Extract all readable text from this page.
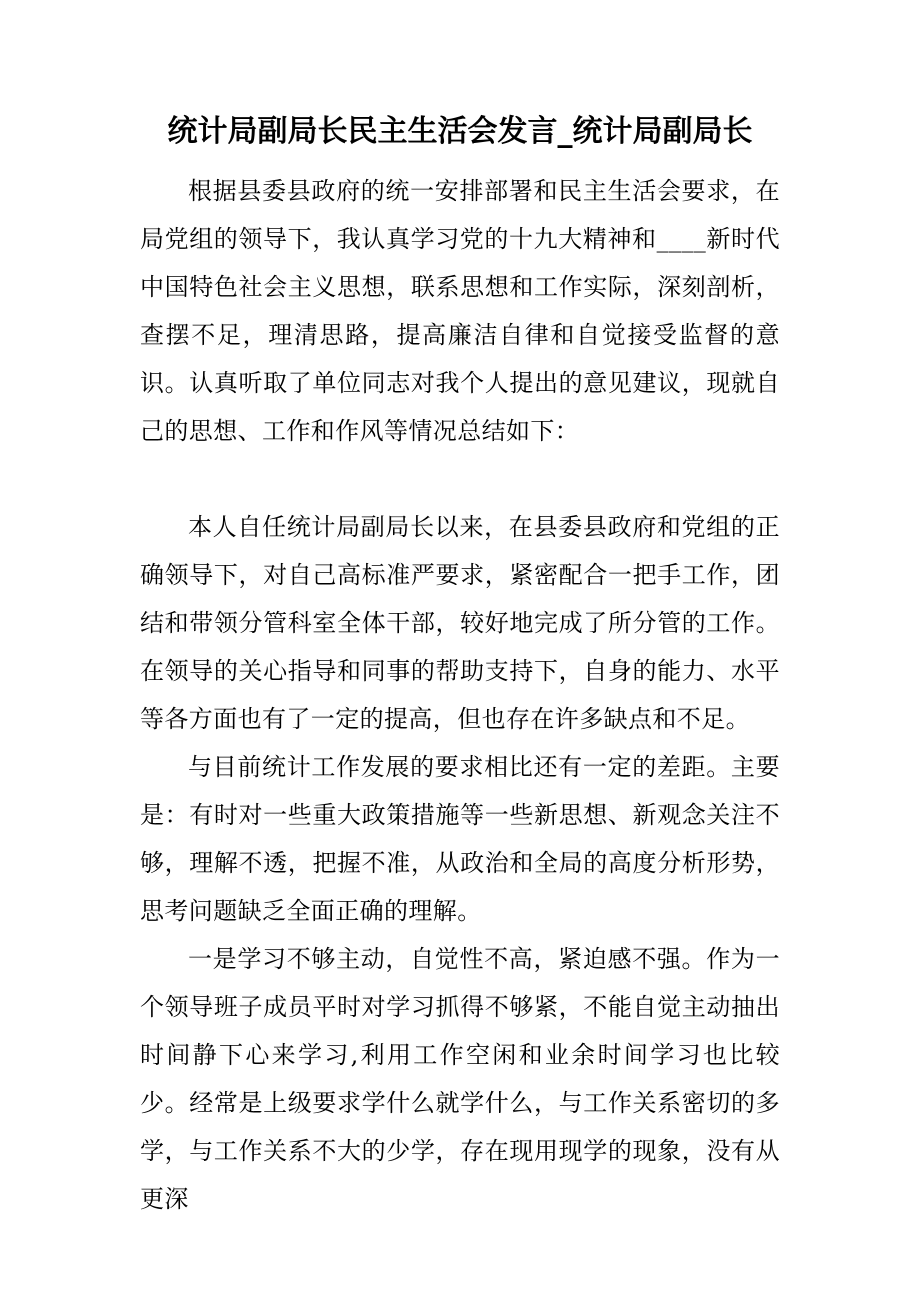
统计局副局长民主生活会发言_统计局副局长

根据县委县政府的统一安排部署和民主生活会要求，在局党组的领导下，我认真学习党的十九大精神和____新时代中国特色社会主义思想，联系思想和工作实际，深刻剖析，查摆不足，理清思路，提高廉洁自律和自觉接受监督的意识。认真听取了单位同志对我个人提出的意见建议，现就自己的思想、工作和作风等情况总结如下：

本人自任统计局副局长以来，在县委县政府和党组的正确领导下，对自己高标准严要求，紧密配合一把手工作，团结和带领分管科室全体干部，较好地完成了所分管的工作。在领导的关心指导和同事的帮助支持下，自身的能力、水平等各方面也有了一定的提高，但也存在许多缺点和不足。

与目前统计工作发展的要求相比还有一定的差距。主要是：有时对一些重大政策措施等一些新思想、新观念关注不够，理解不透，把握不准，从政治和全局的高度分析形势，思考问题缺乏全面正确的理解。

一是学习不够主动，自觉性不高，紧迫感不强。作为一个领导班子成员平时对学习抓得不够紧，不能自觉主动抽出时间静下心来学习,利用工作空闲和业余时间学习也比较少。经常是上级要求学什么就学什么，与工作关系密切的多学，与工作关系不大的少学，存在现用现学的现象，没有从更深
